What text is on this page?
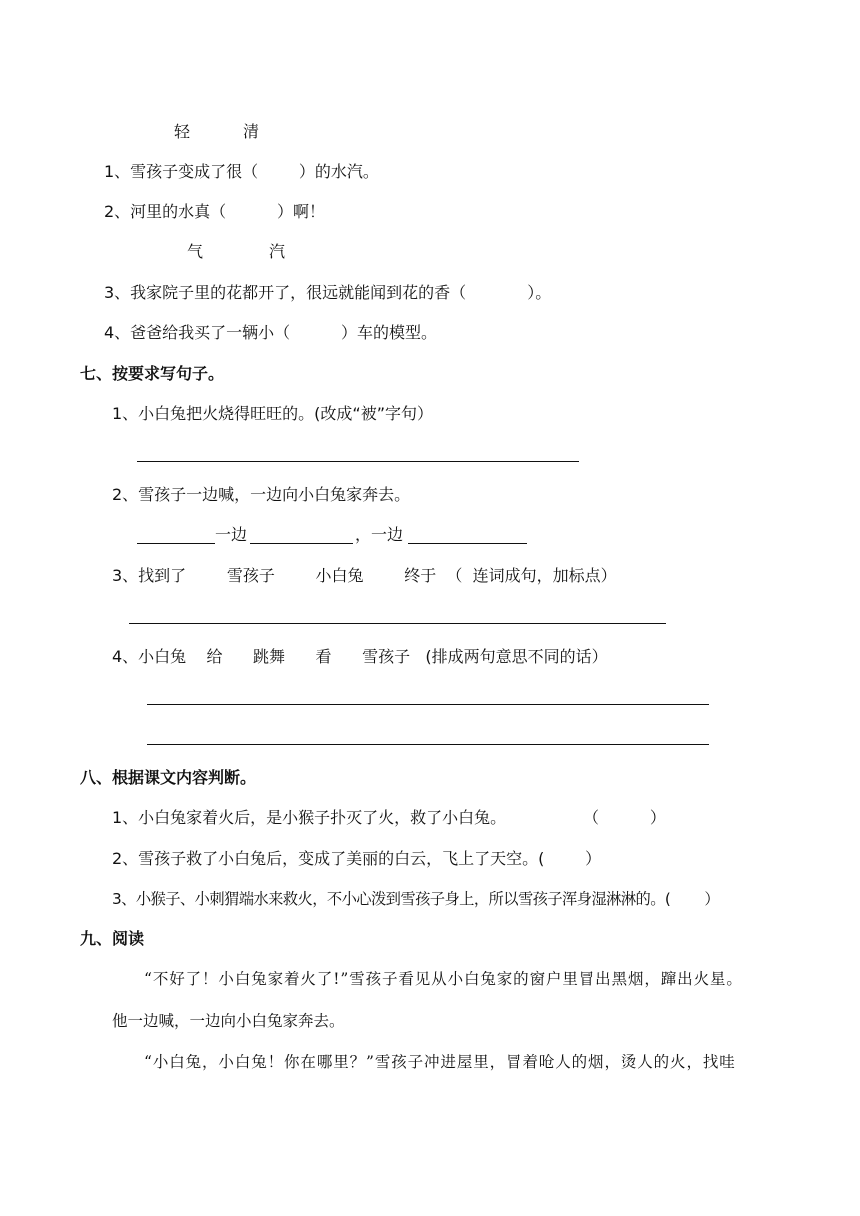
轻	清
1、雪孩子变成了很（        ）的水汽。
2、河里的水真（          ）啊！
气	汽
3、我家院子里的花都开了，很远就能闻到花的香（            ）。
4、爸爸给我买了一辆小（          ）车的模型。
七、按要求写句子。
1、小白兔把火烧得旺旺的。(改成“被”字句）
2、雪孩子一边喊，一边向小白兔家奔去。
一边	，一边
3、找到了        雪孩子        小白兔        终于  （  连词成句，加标点）
4、小白兔    给      跳舞      看      雪孩子   (排成两句意思不同的话）
八、根据课文内容判断。
1、小白兔家着火后，是小猴子扑灭了火，救了小白兔。	（          ）
2、雪孩子救了小白兔后，变成了美丽的白云，飞上了天空。(        ）
3、小猴子、小刺猬端水来救火，不小心泼到雪孩子身上，所以雪孩子浑身湿淋淋的。(        ）
九、阅读
“不好了！小白兔家着火了!”雪孩子看见从小白兔家的窗户里冒出黑烟，蹿出火星。
他一边喊，一边向小白兔家奔去。
“小白兔，小白兔！你在哪里？”雪孩子冲进屋里，冒着呛人的烟，烫人的火，找哇
